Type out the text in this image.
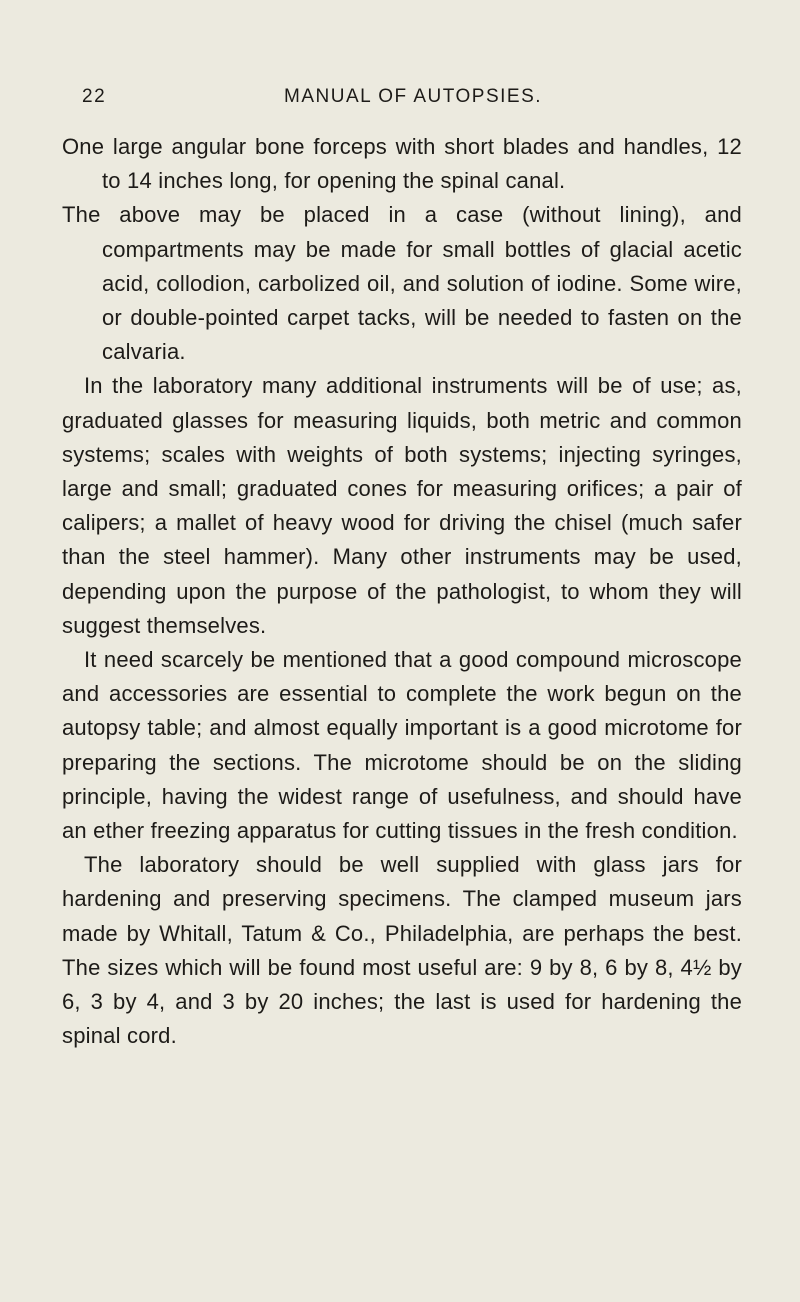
22	MANUAL OF AUTOPSIES.

One large angular bone forceps with short blades and handles, 12 to 14 inches long, for opening the spinal canal.

The above may be placed in a case (without lining), and compartments may be made for small bottles of glacial acetic acid, collodion, carbolized oil, and solution of iodine. Some wire, or double-pointed carpet tacks, will be needed to fasten on the calvaria.

In the laboratory many additional instruments will be of use; as, graduated glasses for measuring liquids, both metric and common systems; scales with weights of both systems; injecting syringes, large and small; graduated cones for measuring orifices; a pair of calipers; a mallet of heavy wood for driving the chisel (much safer than the steel hammer). Many other instruments may be used, depending upon the purpose of the pathologist, to whom they will suggest themselves.

It need scarcely be mentioned that a good compound microscope and accessories are essential to complete the work begun on the autopsy table; and almost equally important is a good microtome for preparing the sections. The microtome should be on the sliding principle, having the widest range of usefulness, and should have an ether freezing apparatus for cutting tissues in the fresh condition.

The laboratory should be well supplied with glass jars for hardening and preserving specimens. The clamped museum jars made by Whitall, Tatum & Co., Philadelphia, are perhaps the best. The sizes which will be found most useful are: 9 by 8, 6 by 8, 4½ by 6, 3 by 4, and 3 by 20 inches; the last is used for hardening the spinal cord.
